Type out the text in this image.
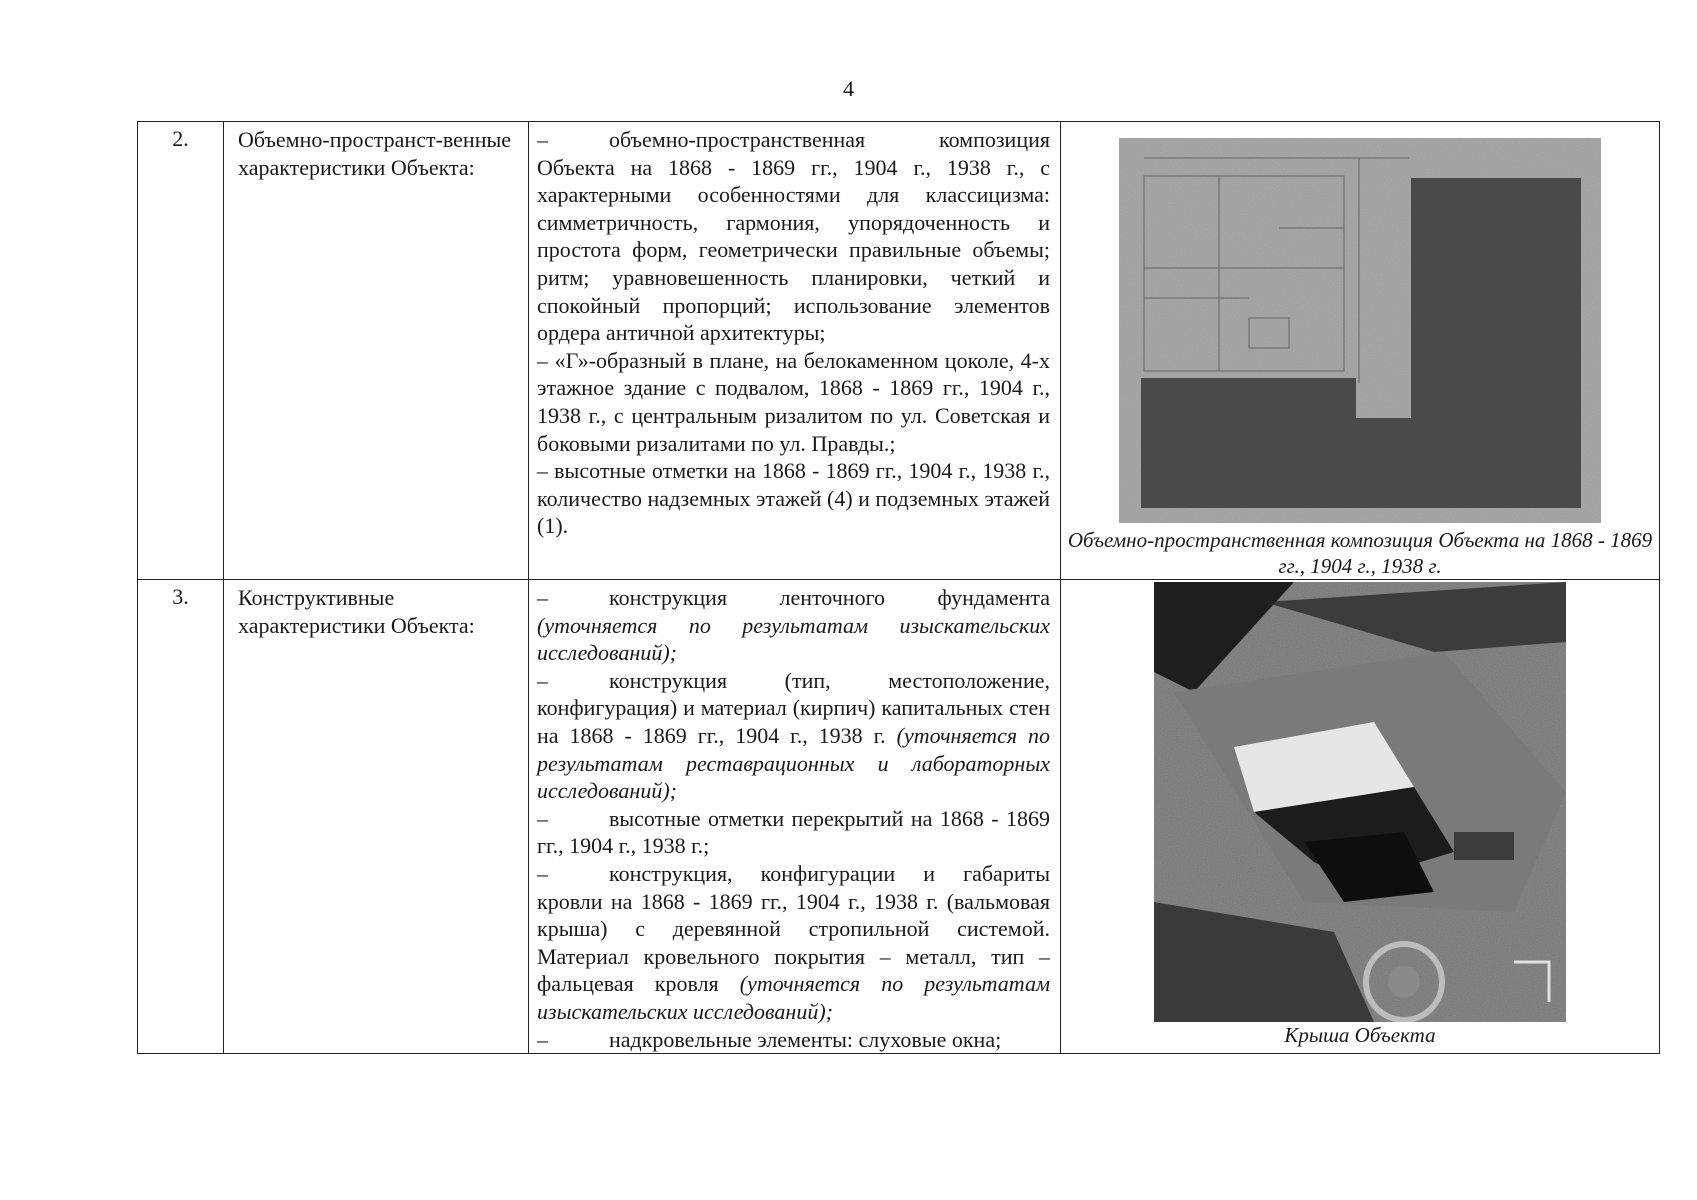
4
2.	Объемно-пространст-венные характеристики Объекта:	– объемно-пространственная композиция Объекта на 1868 - 1869 гг., 1904 г., 1938 г., с характерными особенностями для классицизма: симметричность, гармония, упорядоченность и простота форм, геометрически правильные объемы; ритм; уравновешенность планировки, четкий и спокойный пропорций; использование элементов ордера античной архитектуры;

– «Г»-образный в плане, на белокаменном цоколе, 4-х этажное здание с подвалом, 1868 - 1869 гг., 1904 г., 1938 г., с центральным ризалитом по ул. Советская и боковыми ризалитами по ул. Правды.;

– высотные отметки на 1868 - 1869 гг., 1904 г., 1938 г., количество надземных этажей (4) и подземных этажей (1).	Объемно-пространственная композиция Объекта на 1868 - 1869 гг., 1904 г., 1938 г.

3.	Конструктивные характеристики Объекта:	– конструкция ленточного фундамента (уточняется по результатам изыскательских исследований);

– конструкция (тип, местоположение, конфигурация) и материал (кирпич) капитальных стен на 1868 - 1869 гг., 1904 г., 1938 г. (уточняется по результатам реставрационных и лабораторных исследований);

– высотные отметки перекрытий на 1868 - 1869 гг., 1904 г., 1938 г.;

– конструкция, конфигурации и габариты кровли на 1868 - 1869 гг., 1904 г., 1938 г. (вальмовая крыша) с деревянной стропильной системой. Материал кровельного покрытия – металл, тип – фальцевая кровля (уточняется по результатам изыскательских исследований);

– надкровельные элементы: слуховые окна;	Крыша Объекта
